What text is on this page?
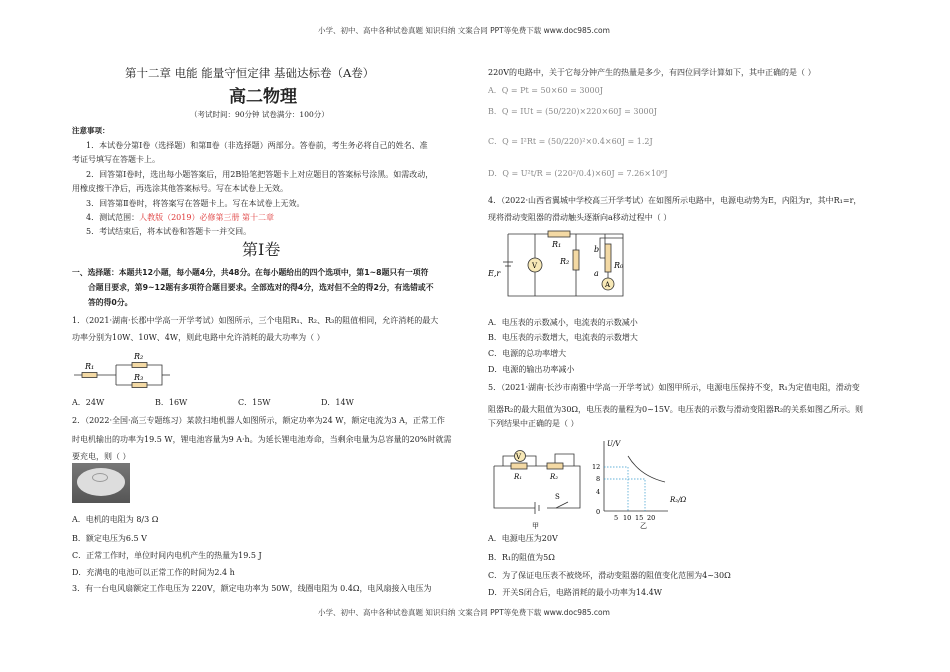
小学、初中、高中各种试卷真题 知识归纳 文案合同 PPT等免费下载 www.doc985.com
第十二章 电能 能量守恒定律 基础达标卷（A卷）
高二物理
（考试时间：90分钟 试卷满分：100分）
注意事项：
1．本试卷分第Ⅰ卷（选择题）和第Ⅱ卷（非选择题）两部分。答卷前，考生务必将自己的姓名、准
考证号填写在答题卡上。
2．回答第Ⅰ卷时，选出每小题答案后，用2B铅笔把答题卡上对应题目的答案标号涂黑。如需改动，
用橡皮擦干净后，再选涂其他答案标号。写在本试卷上无效。
3．回答第Ⅱ卷时，将答案写在答题卡上。写在本试卷上无效。
4．测试范围：人教版（2019）必修第三册 第十二章
5．考试结束后，将本试卷和答题卡一并交回。
第Ⅰ卷
一、选择题：本题共12小题，每小题4分，共48分。在每小题给出的四个选项中，第1~8题只有一项符
合题目要求，第9~12题有多项符合题目要求。全部选对的得4分，选对但不全的得2分，有选错或不
答的得0分。
1．（2021·湖南·长郡中学高一开学考试）如图所示，三个电阻R₁、R₂、R₃的阻值相同，允许消耗的最大
功率分别为10W、10W、4W，则此电路中允许消耗的最大功率为（ ）
R₁
R₂
R₃
A．24W	B．16W	C．15W	D．14W
2．（2022·全国·高三专题练习）某款扫地机器人如图所示，额定功率为24 W，额定电流为3 A，正常工作
时电机输出的功率为19.5 W，锂电池容量为9 A·h。为延长锂电池寿命，当剩余电量为总容量的20%时就需
要充电，则（ ）
A．电机的电阻为 8/3 Ω
B．额定电压为6.5 V
C．正常工作时，单位时间内电机产生的热量为19.5 J
D．充满电的电池可以正常工作的时间为2.4 h
3．有一台电风扇额定工作电压为 220V，额定电功率为 50W，线圈电阻为 0.4Ω，电风扇接入电压为
220V的电路中，关于它每分钟产生的热量是多少，有四位同学计算如下，其中正确的是（ ）
A．Q = Pt = 50×60 = 3000J
B．Q = IUt = (50/220)×220×60J = 3000J
C．Q = I²Rt = (50/220)²×0.4×60J = 1.2J
D．Q = U²t/R = (220²/0.4)×60J = 7.26×10⁶J
4．（2022·山西省翼城中学校高三开学考试）在如图所示电路中，电源电动势为E，内阻为r，其中R₁=r，
现将滑动变阻器的滑动触头逐渐向a移动过程中（ ）
V
A
E,r
R₁
R₂	R₀
a
b
A．电压表的示数减小，电流表的示数减小
B．电压表的示数增大，电流表的示数增大
C．电源的总功率增大
D．电源的输出功率减小
5．（2021·湖南·长沙市南雅中学高一开学考试）如图甲所示，电源电压保持不变，R₁为定值电阻，滑动变
阻器R₂的最大阻值为30Ω，电压表的量程为0~15V。电压表的示数与滑动变阻器R₂的关系如图乙所示。则
下列结果中正确的是（ ）
V
R₁	R₂
S
甲	乙
U/V
R₂/Ω
12
8
4
0
5 10 15 20
A．电源电压为20V
B．R₁的阻值为5Ω
C．为了保证电压表不被烧坏，滑动变阻器的阻值变化范围为4~30Ω
D．开关S闭合后，电路消耗的最小功率为14.4W
小学、初中、高中各种试卷真题 知识归纳 文案合同 PPT等免费下载 www.doc985.com
